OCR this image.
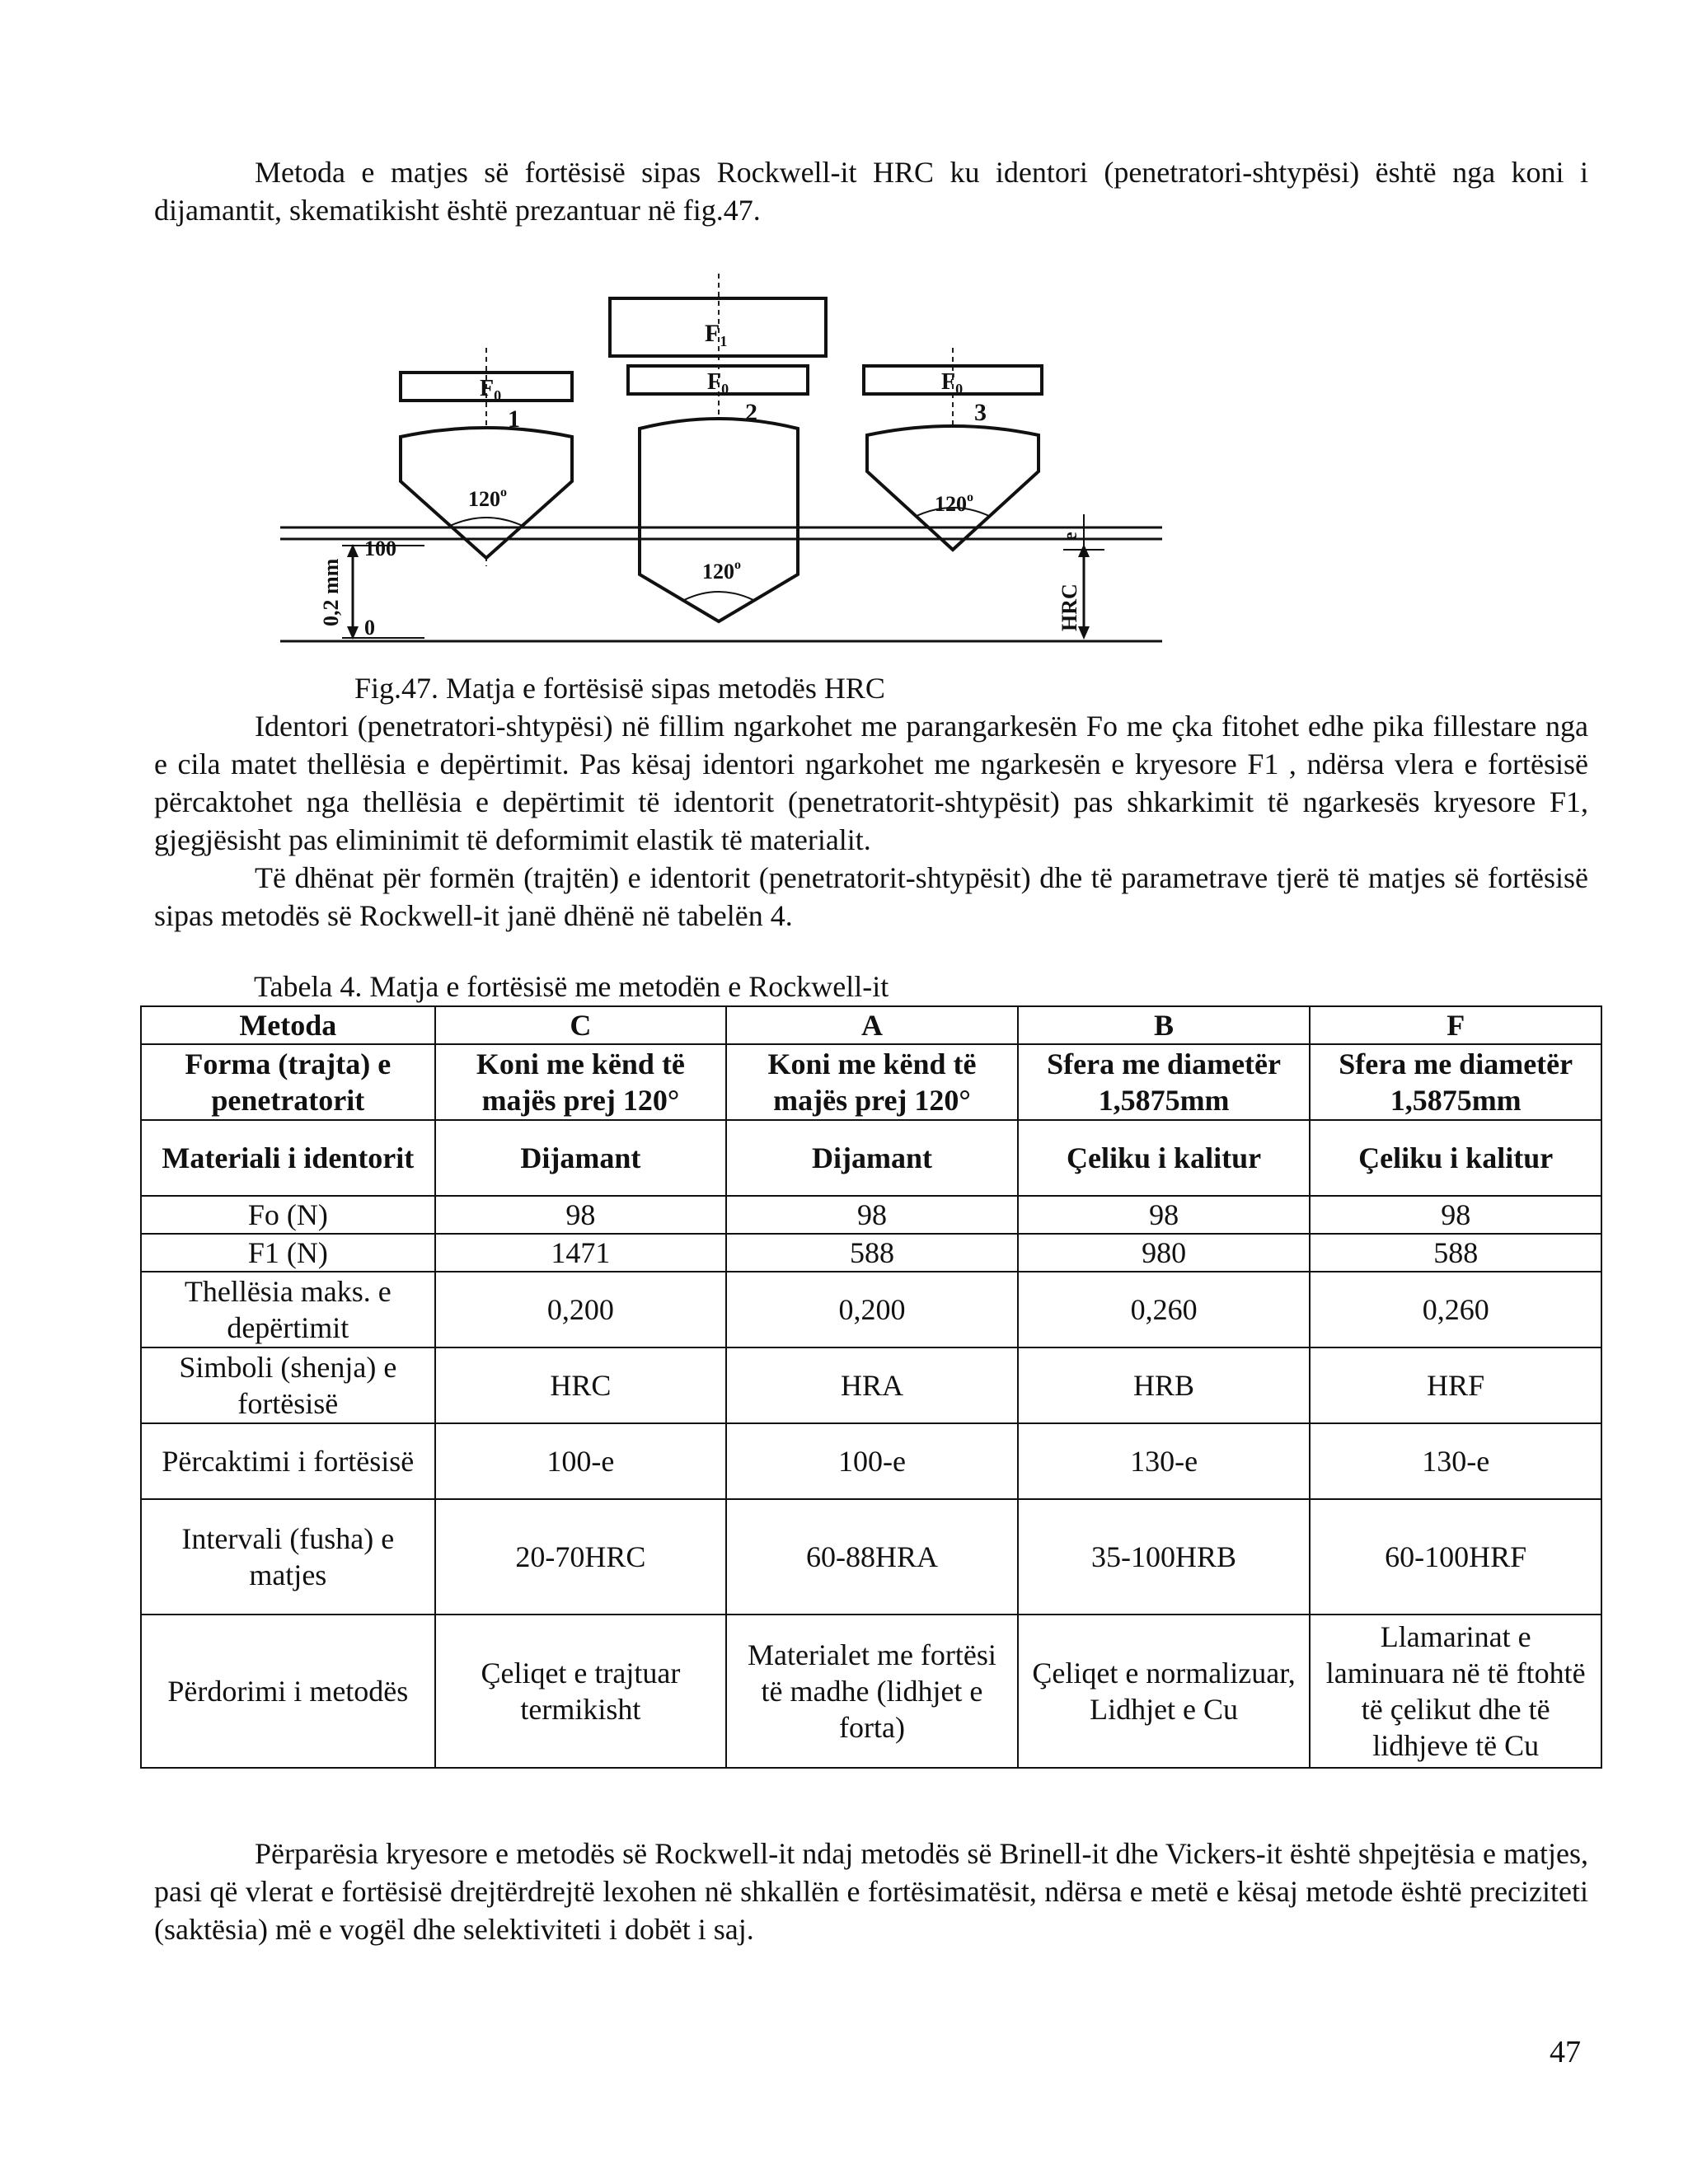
Metoda e matjes së fortësisë sipas Rockwell-it HRC ku identori (penetratori-shtypësi) është nga koni i dijamantit, skematikisht është prezantuar në fig.47.

$F_1$
$F_0$
$F_0$	$F_0$
1	2	3
120$^o$
120$^o$
120$^o$
100
0
0,2 mm	HRC
e

Fig.47. Matja e fortësisë sipas metodës HRC

Identori (penetratori-shtypësi) në fillim ngarkohet me parangarkesën Fo me çka fitohet edhe pika fillestare nga e cila matet thellësia e depërtimit. Pas kësaj identori ngarkohet me ngarkesën e kryesore F1 , ndërsa vlera e fortësisë përcaktohet nga thellësia e depërtimit të identorit (penetratorit-shtypësit) pas shkarkimit të ngarkesës kryesore F1, gjegjësisht pas eliminimit të deformimit elastik të materialit.

Të dhënat për formën (trajtën) e identorit (penetratorit-shtypësit) dhe të parametrave tjerë të matjes së fortësisë sipas metodës së Rockwell-it janë dhënë në tabelën 4.

Tabela 4. Matja e fortësisë me metodën e Rockwell-it

Metoda	C	A	B	F
Forma (trajta) e penetratorit	Koni me kënd të majës prej 120°	Koni me kënd të majës prej 120°	Sfera me diametër 1,5875mm	Sfera me diametër 1,5875mm
Materiali i identorit	Dijamant	Dijamant	Çeliku i kalitur	Çeliku i kalitur
Fo (N)	98	98	98	98
F1 (N)	1471	588	980	588
Thellësia maks. e depërtimit	0,200	0,200	0,260	0,260
Simboli (shenja) e fortësisë	HRC	HRA	HRB	HRF
Përcaktimi i fortësisë	100-e	100-e	130-e	130-e
Intervali (fusha) e matjes	20-70HRC	60-88HRA	35-100HRB	60-100HRF
Përdorimi i metodës	Çeliqet e trajtuar termikisht	Materialet me fortësi të madhe (lidhjet e forta)	Çeliqet e normalizuar, Lidhjet e Cu	Llamarinat e laminuara në të ftohtë të çelikut dhe të lidhjeve të Cu

Përparësia kryesore e metodës së Rockwell-it ndaj metodës së Brinell-it dhe Vickers-it është shpejtësia e matjes, pasi që vlerat e fortësisë drejtërdrejtë lexohen në shkallën e fortësimatësit, ndërsa e metë e kësaj metode është preciziteti (saktësia) më e vogël dhe selektiviteti i dobët i saj.

47
